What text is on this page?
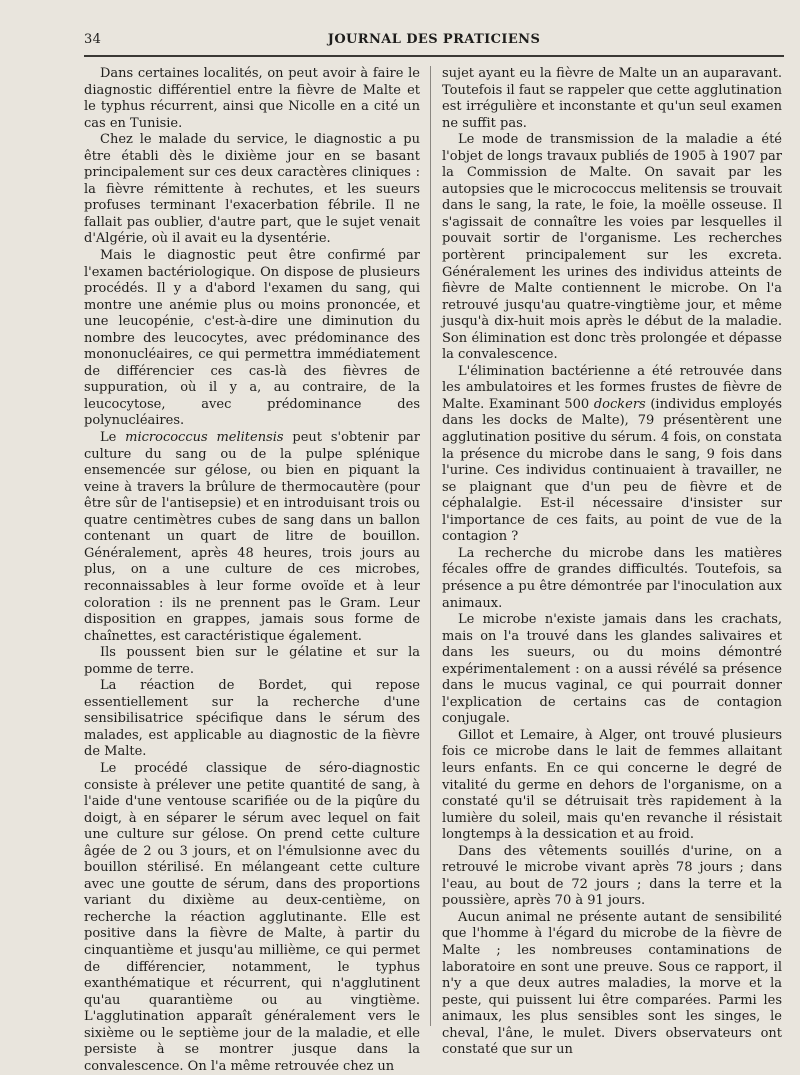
34	JOURNAL DES PRATICIENS

Dans certaines localités, on peut avoir à faire le diagnostic différentiel entre la fièvre de Malte et le typhus récurrent, ainsi que Nicolle en a cité un cas en Tunisie.

Chez le malade du service, le diagnostic a pu être établi dès le dixième jour en se basant principalement sur ces deux caractères cliniques : la fièvre rémittente à rechutes, et les sueurs profuses terminant l'exacerbation fébrile. Il ne fallait pas oublier, d'autre part, que le sujet venait d'Algérie, où il avait eu la dysentérie.

Mais le diagnostic peut être confirmé par l'examen bactériologique. On dispose de plusieurs procédés. Il y a d'abord l'examen du sang, qui montre une anémie plus ou moins prononcée, et une leucopénie, c'est-à-dire une diminution du nombre des leucocytes, avec prédominance des mononucléaires, ce qui permettra immédiatement de différencier ces cas-là des fièvres de suppuration, où il y a, au contraire, de la leucocytose, avec prédominance des polynucléaires.

Le micrococcus melitensis peut s'obtenir par culture du sang ou de la pulpe splénique ensemencée sur gélose, ou bien en piquant la veine à travers la brûlure de thermocautère (pour être sûr de l'antisepsie) et en introduisant trois ou quatre centimètres cubes de sang dans un ballon contenant un quart de litre de bouillon. Généralement, après 48 heures, trois jours au plus, on a une culture de ces microbes, reconnaissables à leur forme ovoïde et à leur coloration : ils ne prennent pas le Gram. Leur disposition en grappes, jamais sous forme de chaînettes, est caractéristique également.

Ils poussent bien sur le gélatine et sur la pomme de terre.

La réaction de Bordet, qui repose essentiellement sur la recherche d'une sensibilisatrice spécifique dans le sérum des malades, est applicable au diagnostic de la fièvre de Malte.

Le procédé classique de séro-diagnostic consiste à prélever une petite quantité de sang, à l'aide d'une ventouse scarifiée ou de la piqûre du doigt, à en séparer le sérum avec lequel on fait une culture sur gélose. On prend cette culture âgée de 2 ou 3 jours, et on l'émulsionne avec du bouillon stérilisé. En mélangeant cette culture avec une goutte de sérum, dans des proportions variant du dixième au deux-centième, on recherche la réaction agglutinante. Elle est positive dans la fièvre de Malte, à partir du cinquantième et jusqu'au millième, ce qui permet de différencier, notamment, le typhus exanthématique et récurrent, qui n'agglutinent qu'au quarantième ou au vingtième. L'agglutination apparaît généralement vers le sixième ou le septième jour de la maladie, et elle persiste à se montrer jusque dans la convalescence. On l'a même retrouvée chez un

sujet ayant eu la fièvre de Malte un an auparavant. Toutefois il faut se rappeler que cette agglutination est irrégulière et inconstante et qu'un seul examen ne suffit pas.

Le mode de transmission de la maladie a été l'objet de longs travaux publiés de 1905 à 1907 par la Commission de Malte. On savait par les autopsies que le micrococcus melitensis se trouvait dans le sang, la rate, le foie, la moëlle osseuse. Il s'agissait de connaître les voies par lesquelles il pouvait sortir de l'organisme. Les recherches portèrent principalement sur les excreta. Généralement les urines des individus atteints de fièvre de Malte contiennent le microbe. On l'a retrouvé jusqu'au quatre-vingtième jour, et même jusqu'à dix-huit mois après le début de la maladie. Son élimination est donc très prolongée et dépasse la convalescence.

L'élimination bactérienne a été retrouvée dans les ambulatoires et les formes frustes de fièvre de Malte. Examinant 500 dockers (individus employés dans les docks de Malte), 79 présentèrent une agglutination positive du sérum. 4 fois, on constata la présence du microbe dans le sang, 9 fois dans l'urine. Ces individus continuaient à travailler, ne se plaignant que d'un peu de fièvre et de céphalalgie. Est-il nécessaire d'insister sur l'importance de ces faits, au point de vue de la contagion ?

La recherche du microbe dans les matières fécales offre de grandes difficultés. Toutefois, sa présence a pu être démontrée par l'inoculation aux animaux.

Le microbe n'existe jamais dans les crachats, mais on l'a trouvé dans les glandes salivaires et dans les sueurs, ou du moins démontré expérimentalement : on a aussi révélé sa présence dans le mucus vaginal, ce qui pourrait donner l'explication de certains cas de contagion conjugale.

Gillot et Lemaire, à Alger, ont trouvé plusieurs fois ce microbe dans le lait de femmes allaitant leurs enfants. En ce qui concerne le degré de vitalité du germe en dehors de l'organisme, on a constaté qu'il se détruisait très rapidement à la lumière du soleil, mais qu'en revanche il résistait longtemps à la dessication et au froid.

Dans des vêtements souillés d'urine, on a retrouvé le microbe vivant après 78 jours ; dans l'eau, au bout de 72 jours ; dans la terre et la poussière, après 70 à 91 jours.

Aucun animal ne présente autant de sensibilité que l'homme à l'égard du microbe de la fièvre de Malte ; les nombreuses contaminations de laboratoire en sont une preuve. Sous ce rapport, il n'y a que deux autres maladies, la morve et la peste, qui puissent lui être comparées. Parmi les animaux, les plus sensibles sont les singes, le cheval, l'âne, le mulet. Divers observateurs ont constaté que sur un
